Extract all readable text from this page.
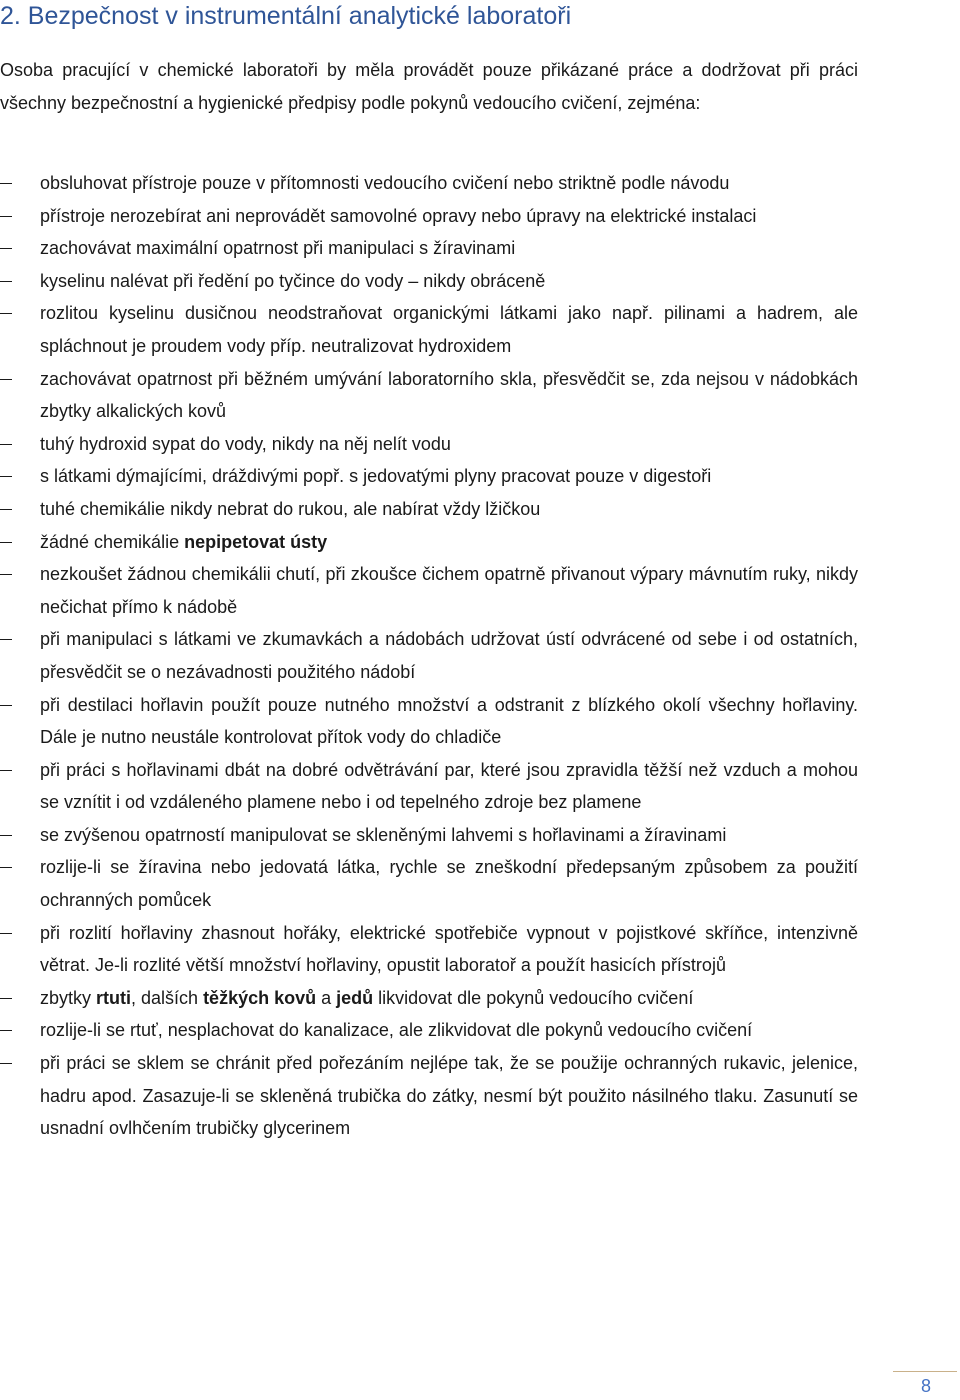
2. Bezpečnost v instrumentální analytické laboratoři

Osoba pracující v chemické laboratoři by měla provádět pouze přikázané práce a dodržovat při práci všechny bezpečnostní a hygienické předpisy podle pokynů vedoucího cvičení, zejména:

obsluhovat přístroje pouze v přítomnosti vedoucího cvičení nebo striktně podle návodu
přístroje nerozebírat ani neprovádět samovolné opravy nebo úpravy na elektrické instalaci
zachovávat maximální opatrnost při manipulaci s žíravinami
kyselinu nalévat při ředění po tyčince do vody – nikdy obráceně
rozlitou kyselinu dusičnou neodstraňovat organickými látkami jako např. pilinami a hadrem, ale spláchnout je proudem vody příp. neutralizovat hydroxidem
zachovávat opatrnost při běžném umývání laboratorního skla, přesvědčit se, zda nejsou v nádobkách zbytky alkalických kovů
tuhý hydroxid sypat do vody, nikdy na něj nelít vodu
s látkami dýmajícími, dráždivými popř. s jedovatými plyny pracovat pouze v digestoři
tuhé chemikálie nikdy nebrat do rukou, ale nabírat vždy lžičkou
žádné chemikálie nepipetovat ústy
nezkoušet žádnou chemikálii chutí, při zkoušce čichem opatrně přivanout výpary mávnutím ruky, nikdy nečichat přímo k nádobě
při manipulaci s látkami ve zkumavkách a nádobách udržovat ústí odvrácené od sebe i od ostatních, přesvědčit se o nezávadnosti použitého nádobí
při destilaci hořlavin použít pouze nutného množství a odstranit z blízkého okolí všechny hořlaviny. Dále je nutno neustále kontrolovat přítok vody do chladiče
při práci s hořlavinami dbát na dobré odvětrávání par, které jsou zpravidla těžší než vzduch a mohou se vznítit i od vzdáleného plamene nebo i od tepelného zdroje bez plamene
se zvýšenou opatrností manipulovat se skleněnými lahvemi s hořlavinami a žíravinami
rozlije-li se žíravina nebo jedovatá látka, rychle se zneškodní předepsaným způsobem za použití ochranných pomůcek
při rozlití hořlaviny zhasnout hořáky, elektrické spotřebiče vypnout v pojistkové skříňce, intenzivně větrat. Je-li rozlité větší množství hořlaviny, opustit laboratoř a použít hasicích přístrojů
zbytky rtuti, dalších těžkých kovů a jedů likvidovat dle pokynů vedoucího cvičení
rozlije-li se rtuť, nesplachovat do kanalizace, ale zlikvidovat dle pokynů vedoucího cvičení
při práci se sklem se chránit před pořezáním nejlépe tak, že se použije ochranných rukavic, jelenice, hadru apod. Zasazuje-li se skleněná trubička do zátky, nesmí být použito násilného tlaku. Zasunutí se usnadní ovlhčením trubičky glycerinem
8
